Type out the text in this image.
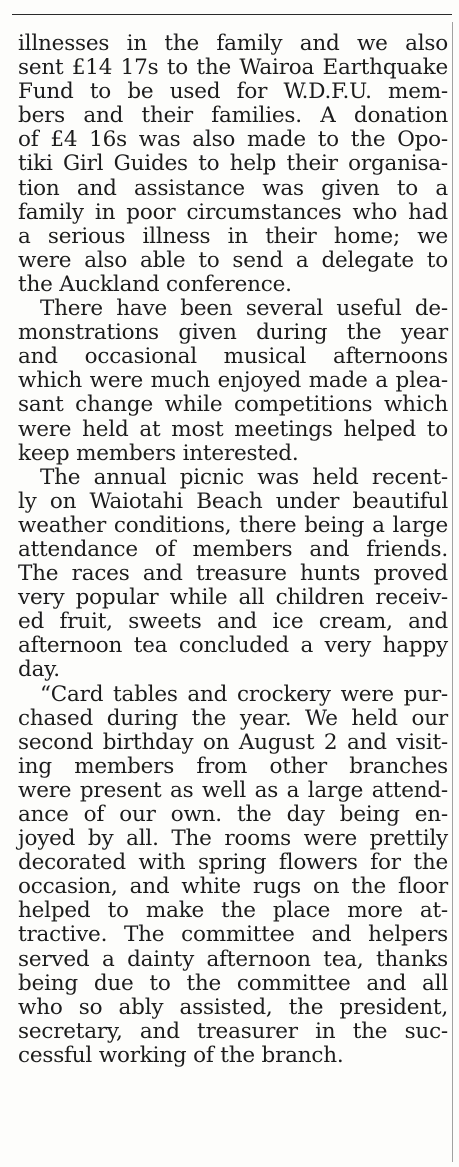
illnesses in the family and we also
sent £14 17s to the Wairoa Earthquake
Fund to be used for W.D.F.U. mem-
bers and their families. A donation
of £4 16s was also made to the Opo-
tiki Girl Guides to help their organisa-
tion and assistance was given to a
family in poor circumstances who had
a serious illness in their home; we
were also able to send a delegate to
the Auckland conference.
There have been several useful de-
monstrations given during the year
and occasional musical afternoons
which were much enjoyed made a plea-
sant change while competitions which
were held at most meetings helped to
keep members interested.
The annual picnic was held recent-
ly on Waiotahi Beach under beautiful
weather conditions, there being a large
attendance of members and friends.
The races and treasure hunts proved
very popular while all children receiv-
ed fruit, sweets and ice cream, and
afternoon tea concluded a very happy
day.
“Card tables and crockery were pur-
chased during the year. We held our
second birthday on August 2 and visit-
ing members from other branches
were present as well as a large attend-
ance of our own. the day being en-
joyed by all. The rooms were prettily
decorated with spring flowers for the
occasion, and white rugs on the floor
helped to make the place more at-
tractive. The committee and helpers
served a dainty afternoon tea, thanks
being due to the committee and all
who so ably assisted, the president,
secretary, and treasurer in the suc-
cessful working of the branch.
